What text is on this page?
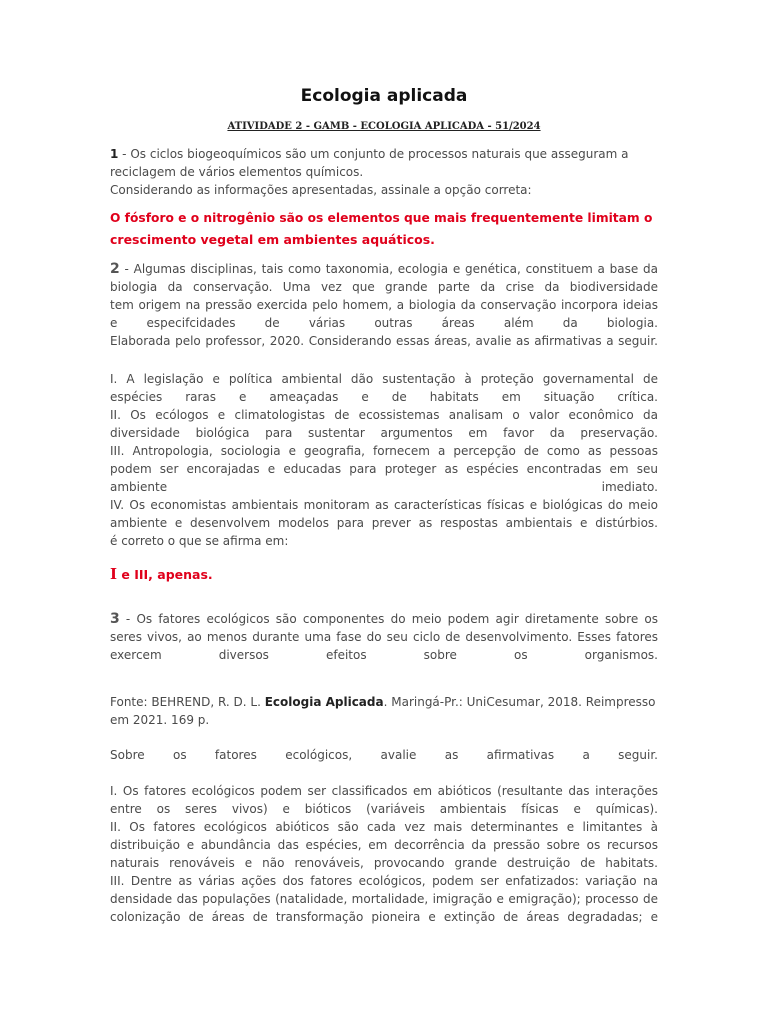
Ecologia aplicada
ATIVIDADE 2 - GAMB - ECOLOGIA APLICADA - 51/2024
1 - Os ciclos biogeoquímicos são um conjunto de processos naturais que asseguram a
reciclagem de vários elementos químicos.
Considerando as informações apresentadas, assinale a opção correta:
O fósforo e o nitrogênio são os elementos que mais frequentemente limitam o
crescimento vegetal em ambientes aquáticos.
2 - Algumas disciplinas, tais como taxonomia, ecologia e genética, constituem a base da
biologia da conservação. Uma vez que grande parte da crise da biodiversidade
tem origem na pressão exercida pelo homem, a biologia da conservação incorpora ideias
e especifcidades de várias outras áreas além da biologia.
Elaborada pelo professor, 2020. Considerando essas áreas, avalie as afirmativas a seguir.
I. A legislação e política ambiental dão sustentação à proteção governamental de
espécies raras e ameaçadas e de habitats em situação crítica.
II. Os ecólogos e climatologistas de ecossistemas analisam o valor econômico da
diversidade biológica para sustentar argumentos em favor da preservação.
III. Antropologia, sociologia e geografia, fornecem a percepção de como as pessoas
podem ser encorajadas e educadas para proteger as espécies encontradas em seu
ambiente imediato.
IV. Os economistas ambientais monitoram as características físicas e biológicas do meio
ambiente e desenvolvem modelos para prever as respostas ambientais e distúrbios.
é correto o que se afirma em:
I e III, apenas.
3 - Os fatores ecológicos são componentes do meio podem agir diretamente sobre os
seres vivos, ao menos durante uma fase do seu ciclo de desenvolvimento. Esses fatores
exercem diversos efeitos sobre os organismos.
Fonte: BEHREND, R. D. L. Ecologia Aplicada. Maringá-Pr.: UniCesumar, 2018. Reimpresso
em 2021. 169 p.
Sobre os fatores ecológicos, avalie as afirmativas a seguir.
I. Os fatores ecológicos podem ser classificados em abióticos (resultante das interações
entre os seres vivos) e bióticos (variáveis ambientais físicas e químicas).
II. Os fatores ecológicos abióticos são cada vez mais determinantes e limitantes à
distribuição e abundância das espécies, em decorrência da pressão sobre os recursos
naturais renováveis e não renováveis, provocando grande destruição de habitats.
III. Dentre as várias ações dos fatores ecológicos, podem ser enfatizados: variação na
densidade das populações (natalidade, mortalidade, imigração e emigração); processo de
colonização de áreas de transformação pioneira e extinção de áreas degradadas; e
